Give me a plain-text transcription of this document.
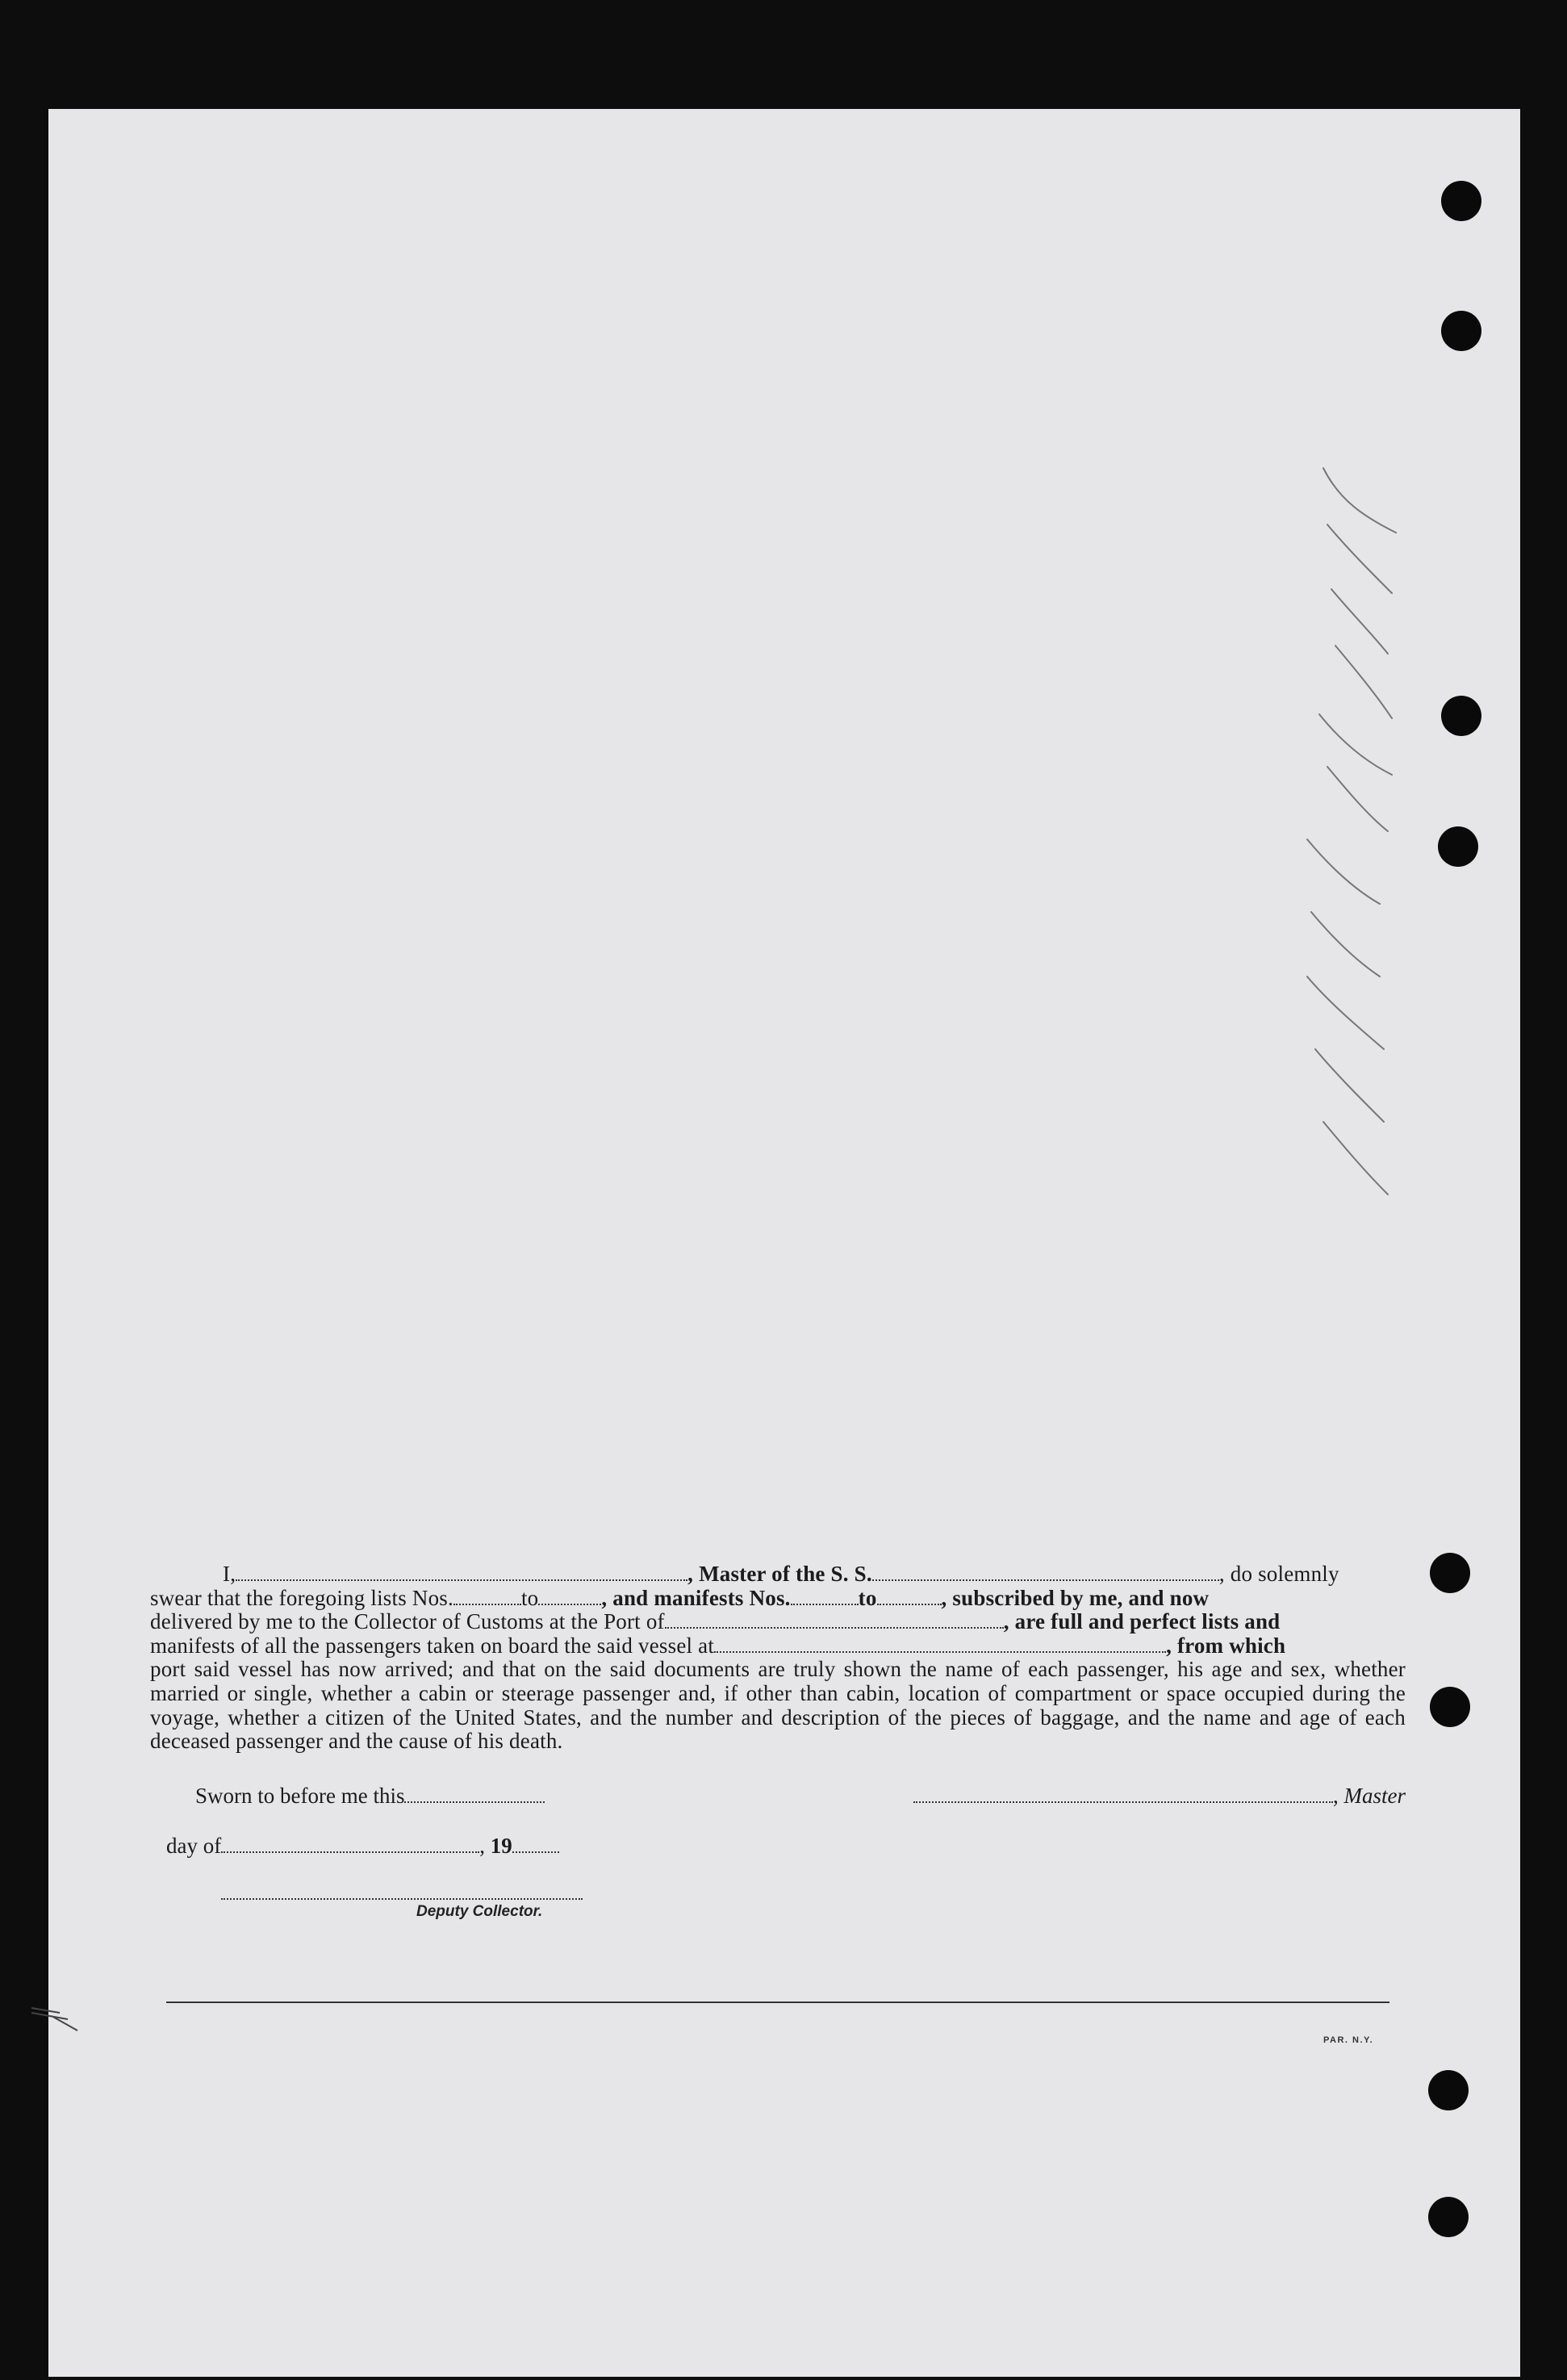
I,	, Master of the S. S.	, do solemnly

swear that the foregoing lists Nos.	to	, and manifests Nos.	to	, subscribed by me, and now
delivered by me to the Collector of Customs at the Port of	, are full and perfect lists and
manifests of all the passengers taken on board the said vessel at	, from which
port said vessel has now arrived; and that on the said documents are truly shown the name of each passenger, his age and sex, whether married or single, whether a cabin or steerage passenger and, if other than cabin, location of compartment or space occupied during the voyage, whether a citizen of the United States, and the number and description of the pieces of baggage, and the name and age of each deceased passenger and the cause of his death.
Sworn to before me this	, Master
day of	, 19
Deputy Collector.
PAR. N.Y.
